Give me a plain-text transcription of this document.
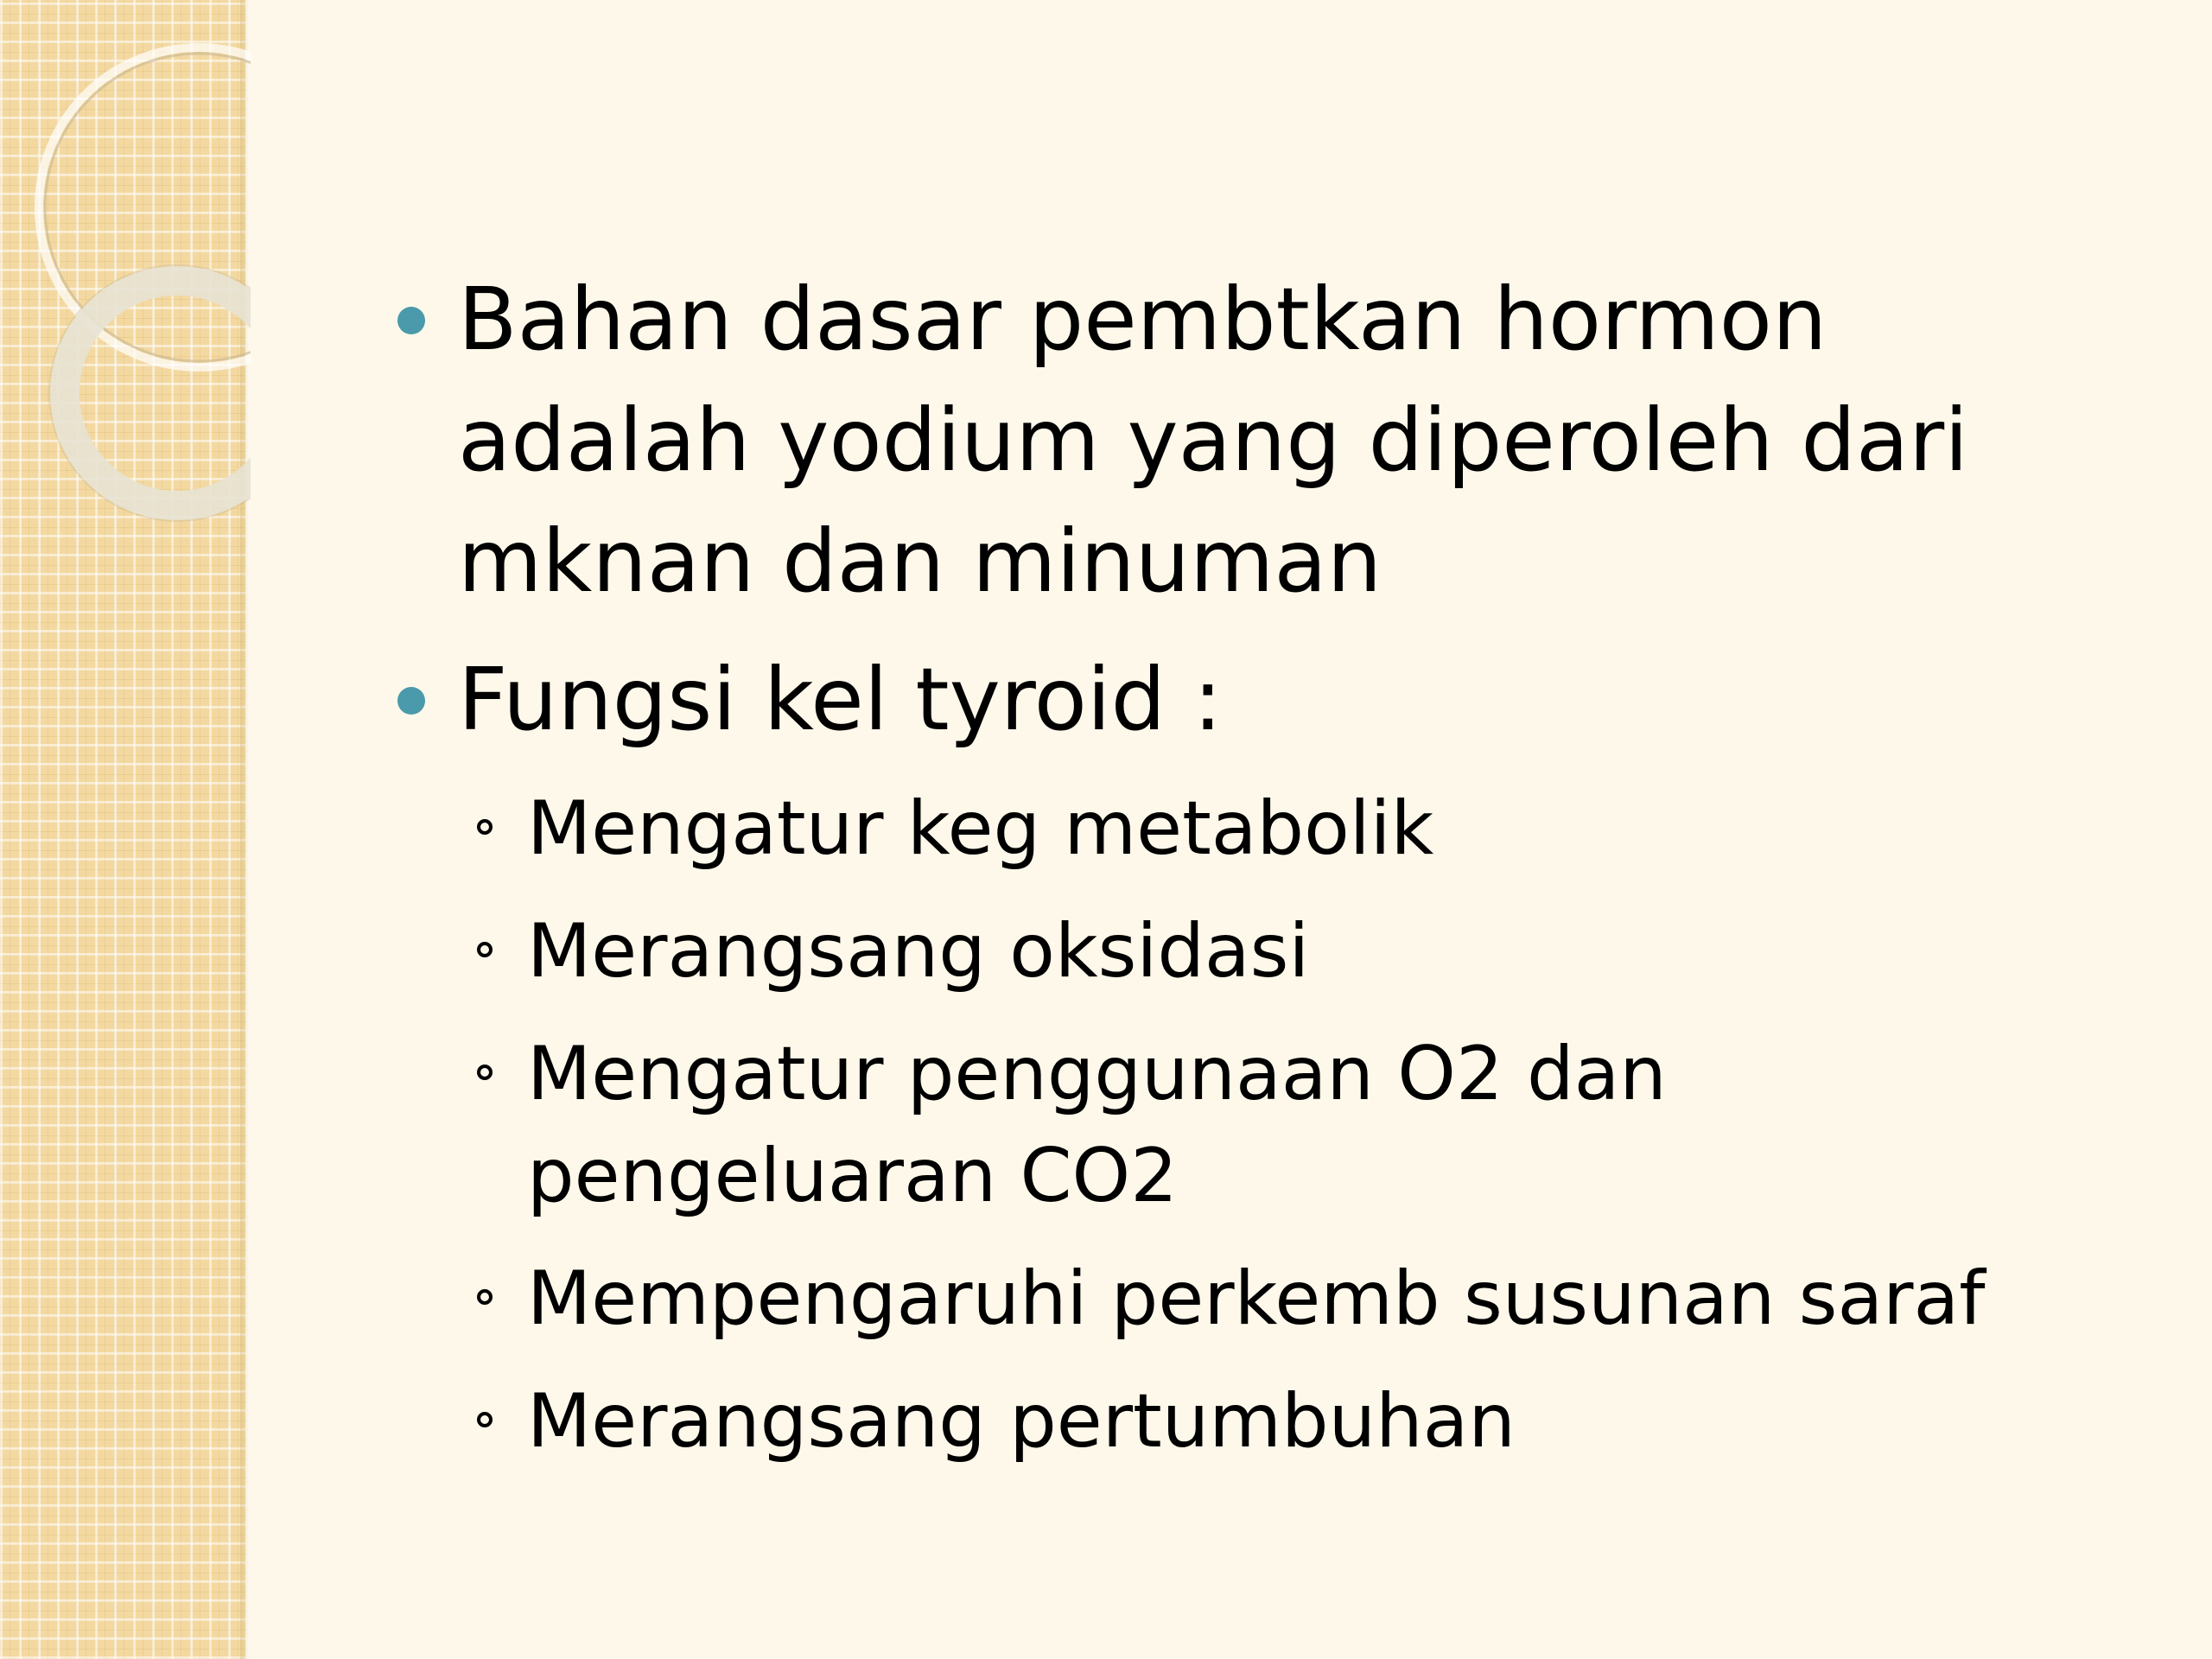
Bahan dasar pembtkan hormon adalah yodium yang diperoleh dari mknan dan minuman
Fungsi kel tyroid :
Mengatur keg metabolik
Merangsang oksidasi
Mengatur penggunaan O2 dan pengeluaran CO2
Mempengaruhi perkemb susunan saraf
Merangsang pertumbuhan
